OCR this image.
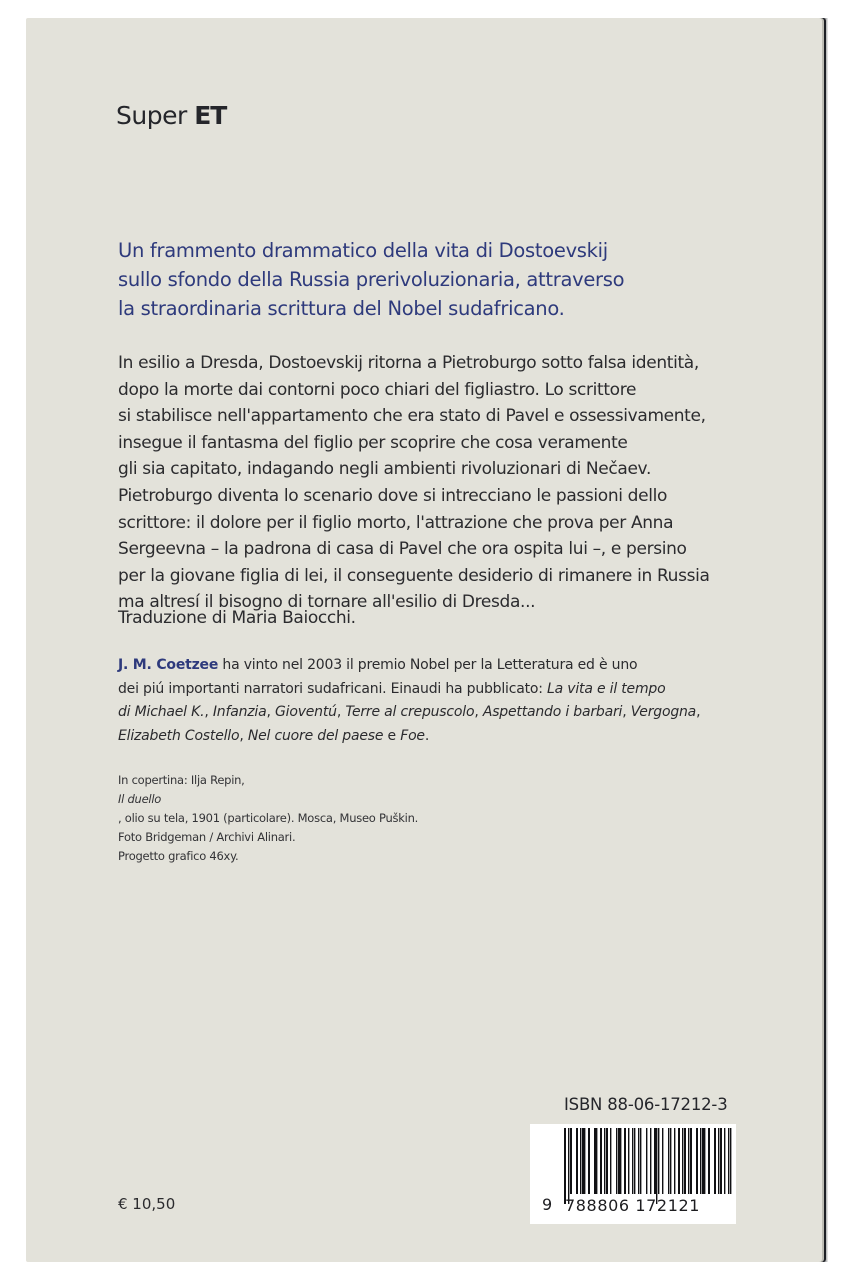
Super ET
Un frammento drammatico della vita di Dostoevskij
sullo sfondo della Russia prerivoluzionaria, attraverso
la straordinaria scrittura del Nobel sudafricano.
In esilio a Dresda, Dostoevskij ritorna a Pietroburgo sotto falsa identità,
dopo la morte dai contorni poco chiari del figliastro. Lo scrittore
si stabilisce nell'appartamento che era stato di Pavel e ossessivamente,
insegue il fantasma del figlio per scoprire che cosa veramente
gli sia capitato, indagando negli ambienti rivoluzionari di Nečaev.
Pietroburgo diventa lo scenario dove si intrecciano le passioni dello
scrittore: il dolore per il figlio morto, l'attrazione che prova per Anna
Sergeevna – la padrona di casa di Pavel che ora ospita lui –, e persino
per la giovane figlia di lei, il conseguente desiderio di rimanere in Russia
ma altresí il bisogno di tornare all'esilio di Dresda...
Traduzione di Maria Baiocchi.
J. M. Coetzee ha vinto nel 2003 il premio Nobel per la Letteratura ed è uno
dei piú importanti narratori sudafricani. Einaudi ha pubblicato: La vita e il tempo
di Michael K., Infanzia, Gioventú, Terre al crepuscolo, Aspettando i barbari, Vergogna,
Elizabeth Costello, Nel cuore del paese e Foe.
In copertina: Ilja Repin,
Il duello
, olio su tela, 1901 (particolare). Mosca, Museo Puškin.
Foto Bridgeman / Archivi Alinari.
Progetto grafico 46xy.
€ 10,50
ISBN 88-06-17212-3
9 788806 172121
